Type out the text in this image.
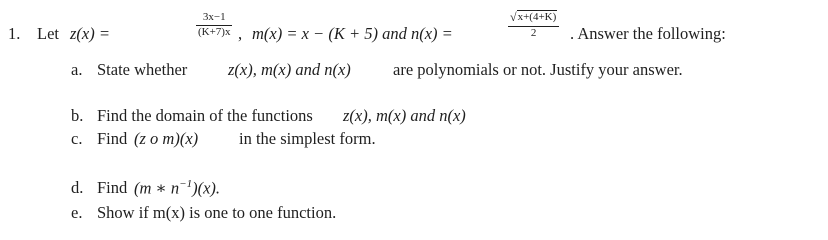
1. Let z(x) =
3x−1
(K+7)x , m(x) = x − (K + 5) and n(x) =
√ x+(4+K)
2 . Answer the following:
a. State whether z(x), m(x) and n(x)	are polynomials or not. Justify your answer.
b. Find the domain of the functions z(x), m(x) and n(x)
c. Find (z o m)(x) in the simplest form.
d. Find (m ∗ $n^{-1})(x)$.
e. Show if m(x) is one to one function.
